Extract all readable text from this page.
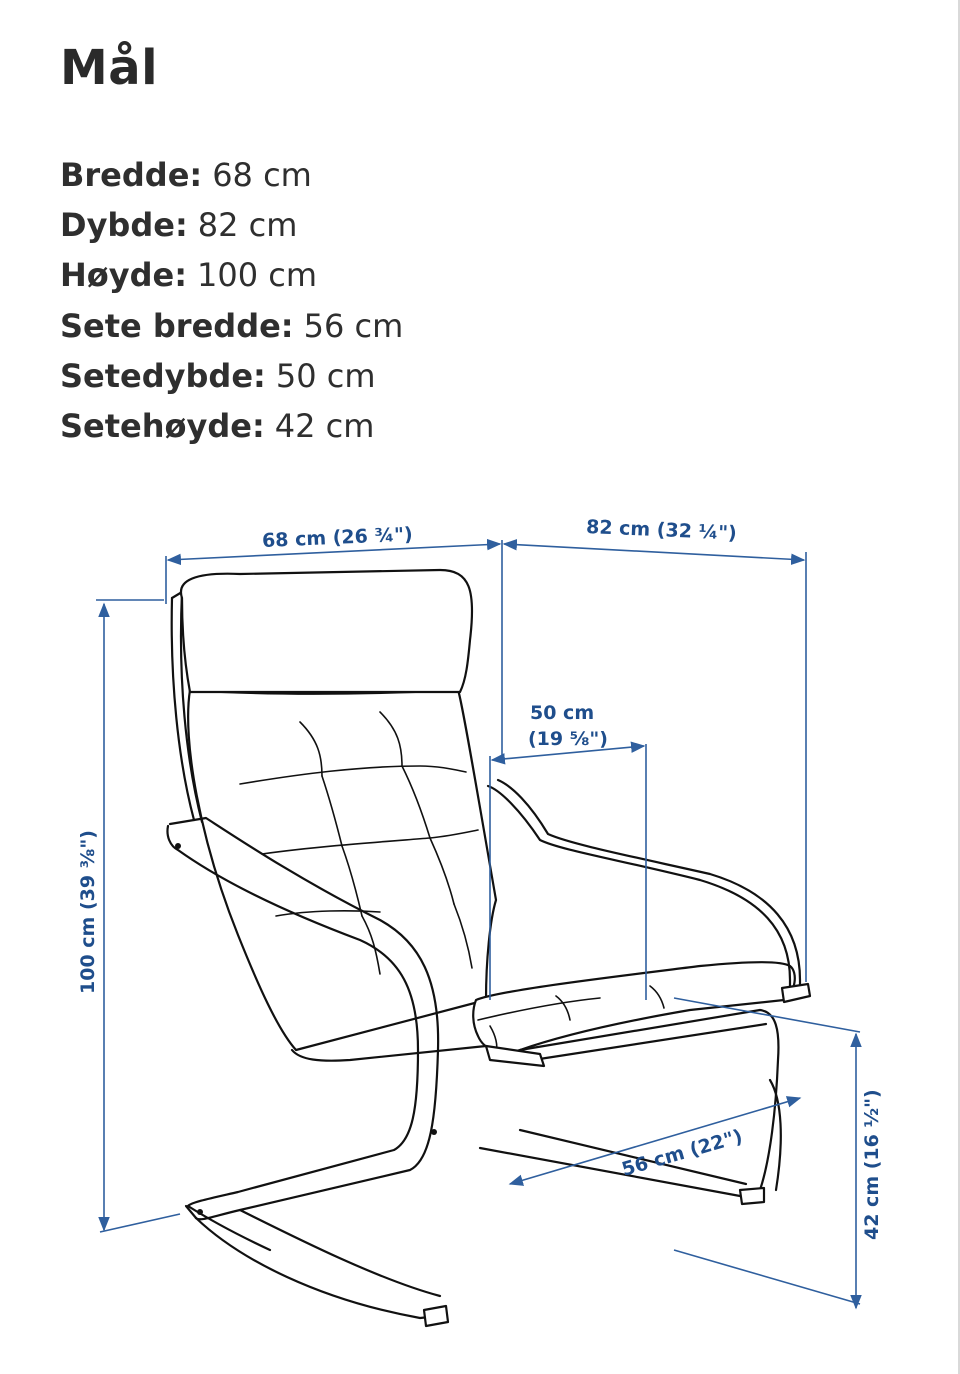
Mål
Bredde: 68 cm
Dybde: 82 cm
Høyde: 100 cm
Sete bredde: 56 cm
Setedybde: 50 cm
Setehøyde: 42 cm
68 cm (26 ¾")	82 cm (32 ¼")
50 cm
(19 ⅝")
100 cm (39 ⅜")
56 cm (22")	42 cm (16 ½")
